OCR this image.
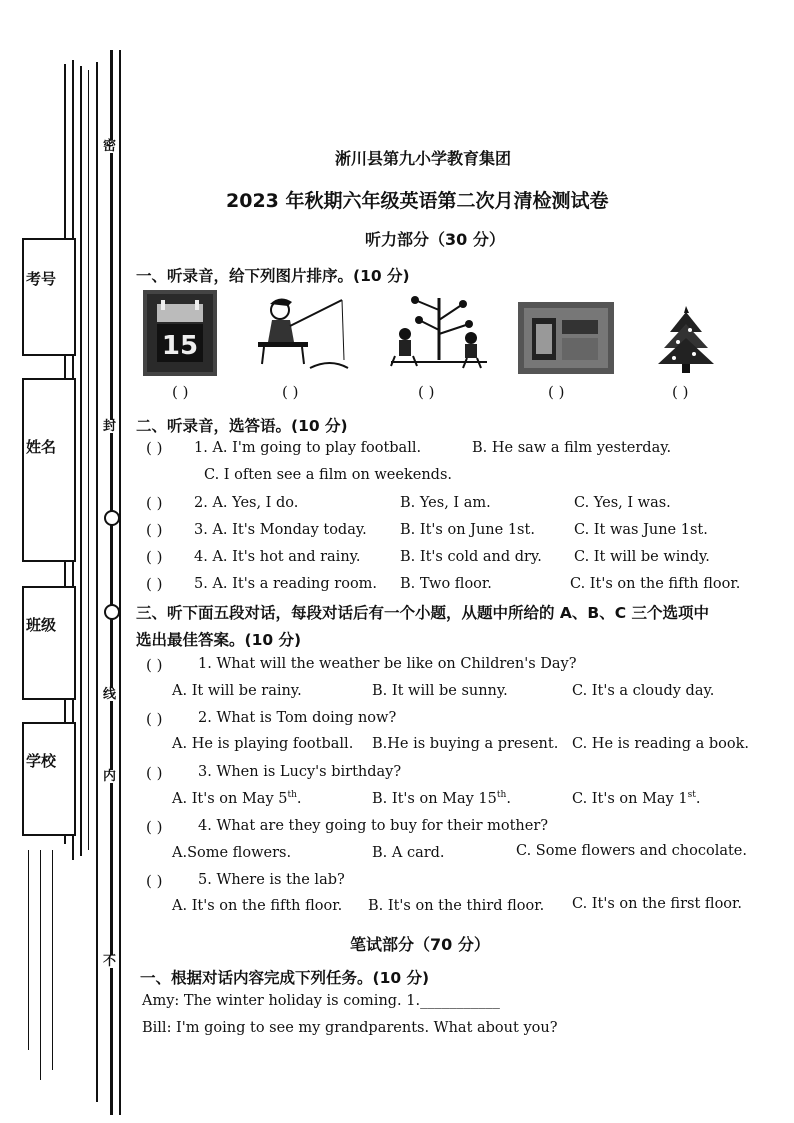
考号
姓名
班级
学校
密
封
线
内
不
淅川县第九小学教育集团
2023 年秋期六年级英语第二次月清检测试卷
听力部分（30 分）
一、听录音，给下列图片排序。(10 分)
15
( )	( )	( )	( )	( )
二、听录音，选答语。(10 分)
( ) 1. A. I'm going to play football.	B. He saw a film yesterday.
C. I often see a film on weekends.
( ) 2. A. Yes, I do.	B. Yes, I am.	C. Yes, I was.
( ) 3. A. It's Monday today. B. It's on June 1st.	C. It was June 1st.
( ) 4. A. It's hot and rainy.	B. It's cold and dry. C. It will be windy.
( ) 5. A. It's a reading room. B. Two floor.	C. It's on the fifth floor.
三、听下面五段对话，每段对话后有一个小题，从题中所给的 A、B、C 三个选项中
选出最佳答案。(10 分)
( ) 1. What will the weather be like on Children's Day?
A. It will be rainy.	B. It will be sunny.	C. It's a cloudy day.
( ) 2. What is Tom doing now?
A. He is playing football. B.He is buying a present. C. He is reading a book.
( ) 3. When is Lucy's birthday?
A. It's on May 5th.	B. It's on May 15th.	C. It's on May 1st.
( ) 4. What are they going to buy for their mother?
A.Some flowers.	B. A card.	C. Some flowers and chocolate.
( ) 5. Where is the lab?
A. It's on the fifth floor. B. It's on the third floor. C. It's on the first floor.
笔试部分（70 分）
一、根据对话内容完成下列任务。(10 分)
Amy: The winter holiday is coming. 1.___________
Bill: I'm going to see my grandparents. What about you?
